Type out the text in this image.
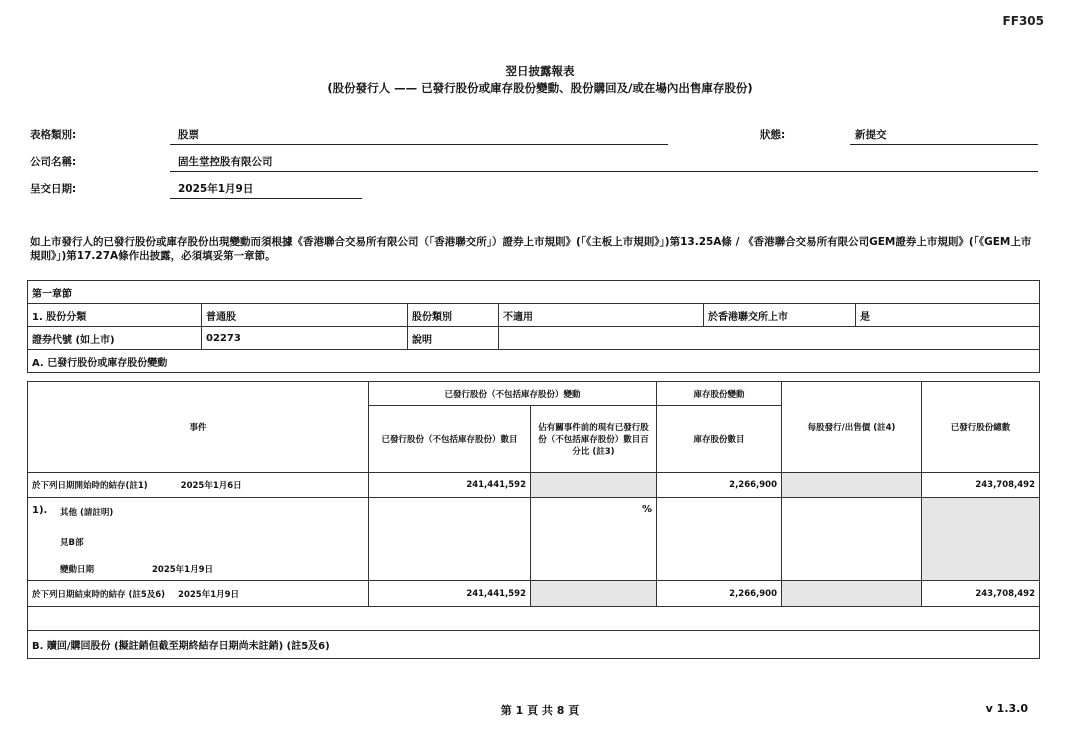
FF305
翌日披露報表
(股份發行人 —— 已發行股份或庫存股份變動、股份購回及/或在場內出售庫存股份)
表格類別:	股票	狀態:	新提交
公司名稱:	固生堂控股有限公司
呈交日期:	2025年1月9日
如上市發行人的已發行股份或庫存股份出現變動而須根據《香港聯合交易所有限公司（「香港聯交所」）證券上市規則》(「《主板上市規則》」)第13.25A條 / 《香港聯合交易所有限公司GEM證券上市規則》(「《GEM上市規則》」)第17.27A條作出披露，必須填妥第一章節。
第一章節					
1. 股份分類	普通股	股份類別	不適用	於香港聯交所上市	是
證券代號 (如上市)	02273	說明			
A. 已發行股份或庫存股份變動					
事件	已發行股份（不包括庫存股份）變動		庫存股份變動	每股發行/出售價 (註4)	已發行股份總數
	已發行股份（不包括庫存股份）數目	佔有關事件前的現有已發行股份（不包括庫存股份）數目百分比 (註3)	庫存股份數目		
於下列日期開始時的結存(註1) 2025年1月6日	241,441,592		2,266,900		243,708,492

1). 其他 (請註明)
見B部
變動日期 2025年1月9日		%			
於下列日期結束時的結存 (註5及6) 2025年1月9日	241,441,592		2,266,900		243,708,492

B. 贖回/購回股份 (擬註銷但截至期終結存日期尚未註銷) (註5及6)					
第 1 頁 共 8 頁	v 1.3.0
